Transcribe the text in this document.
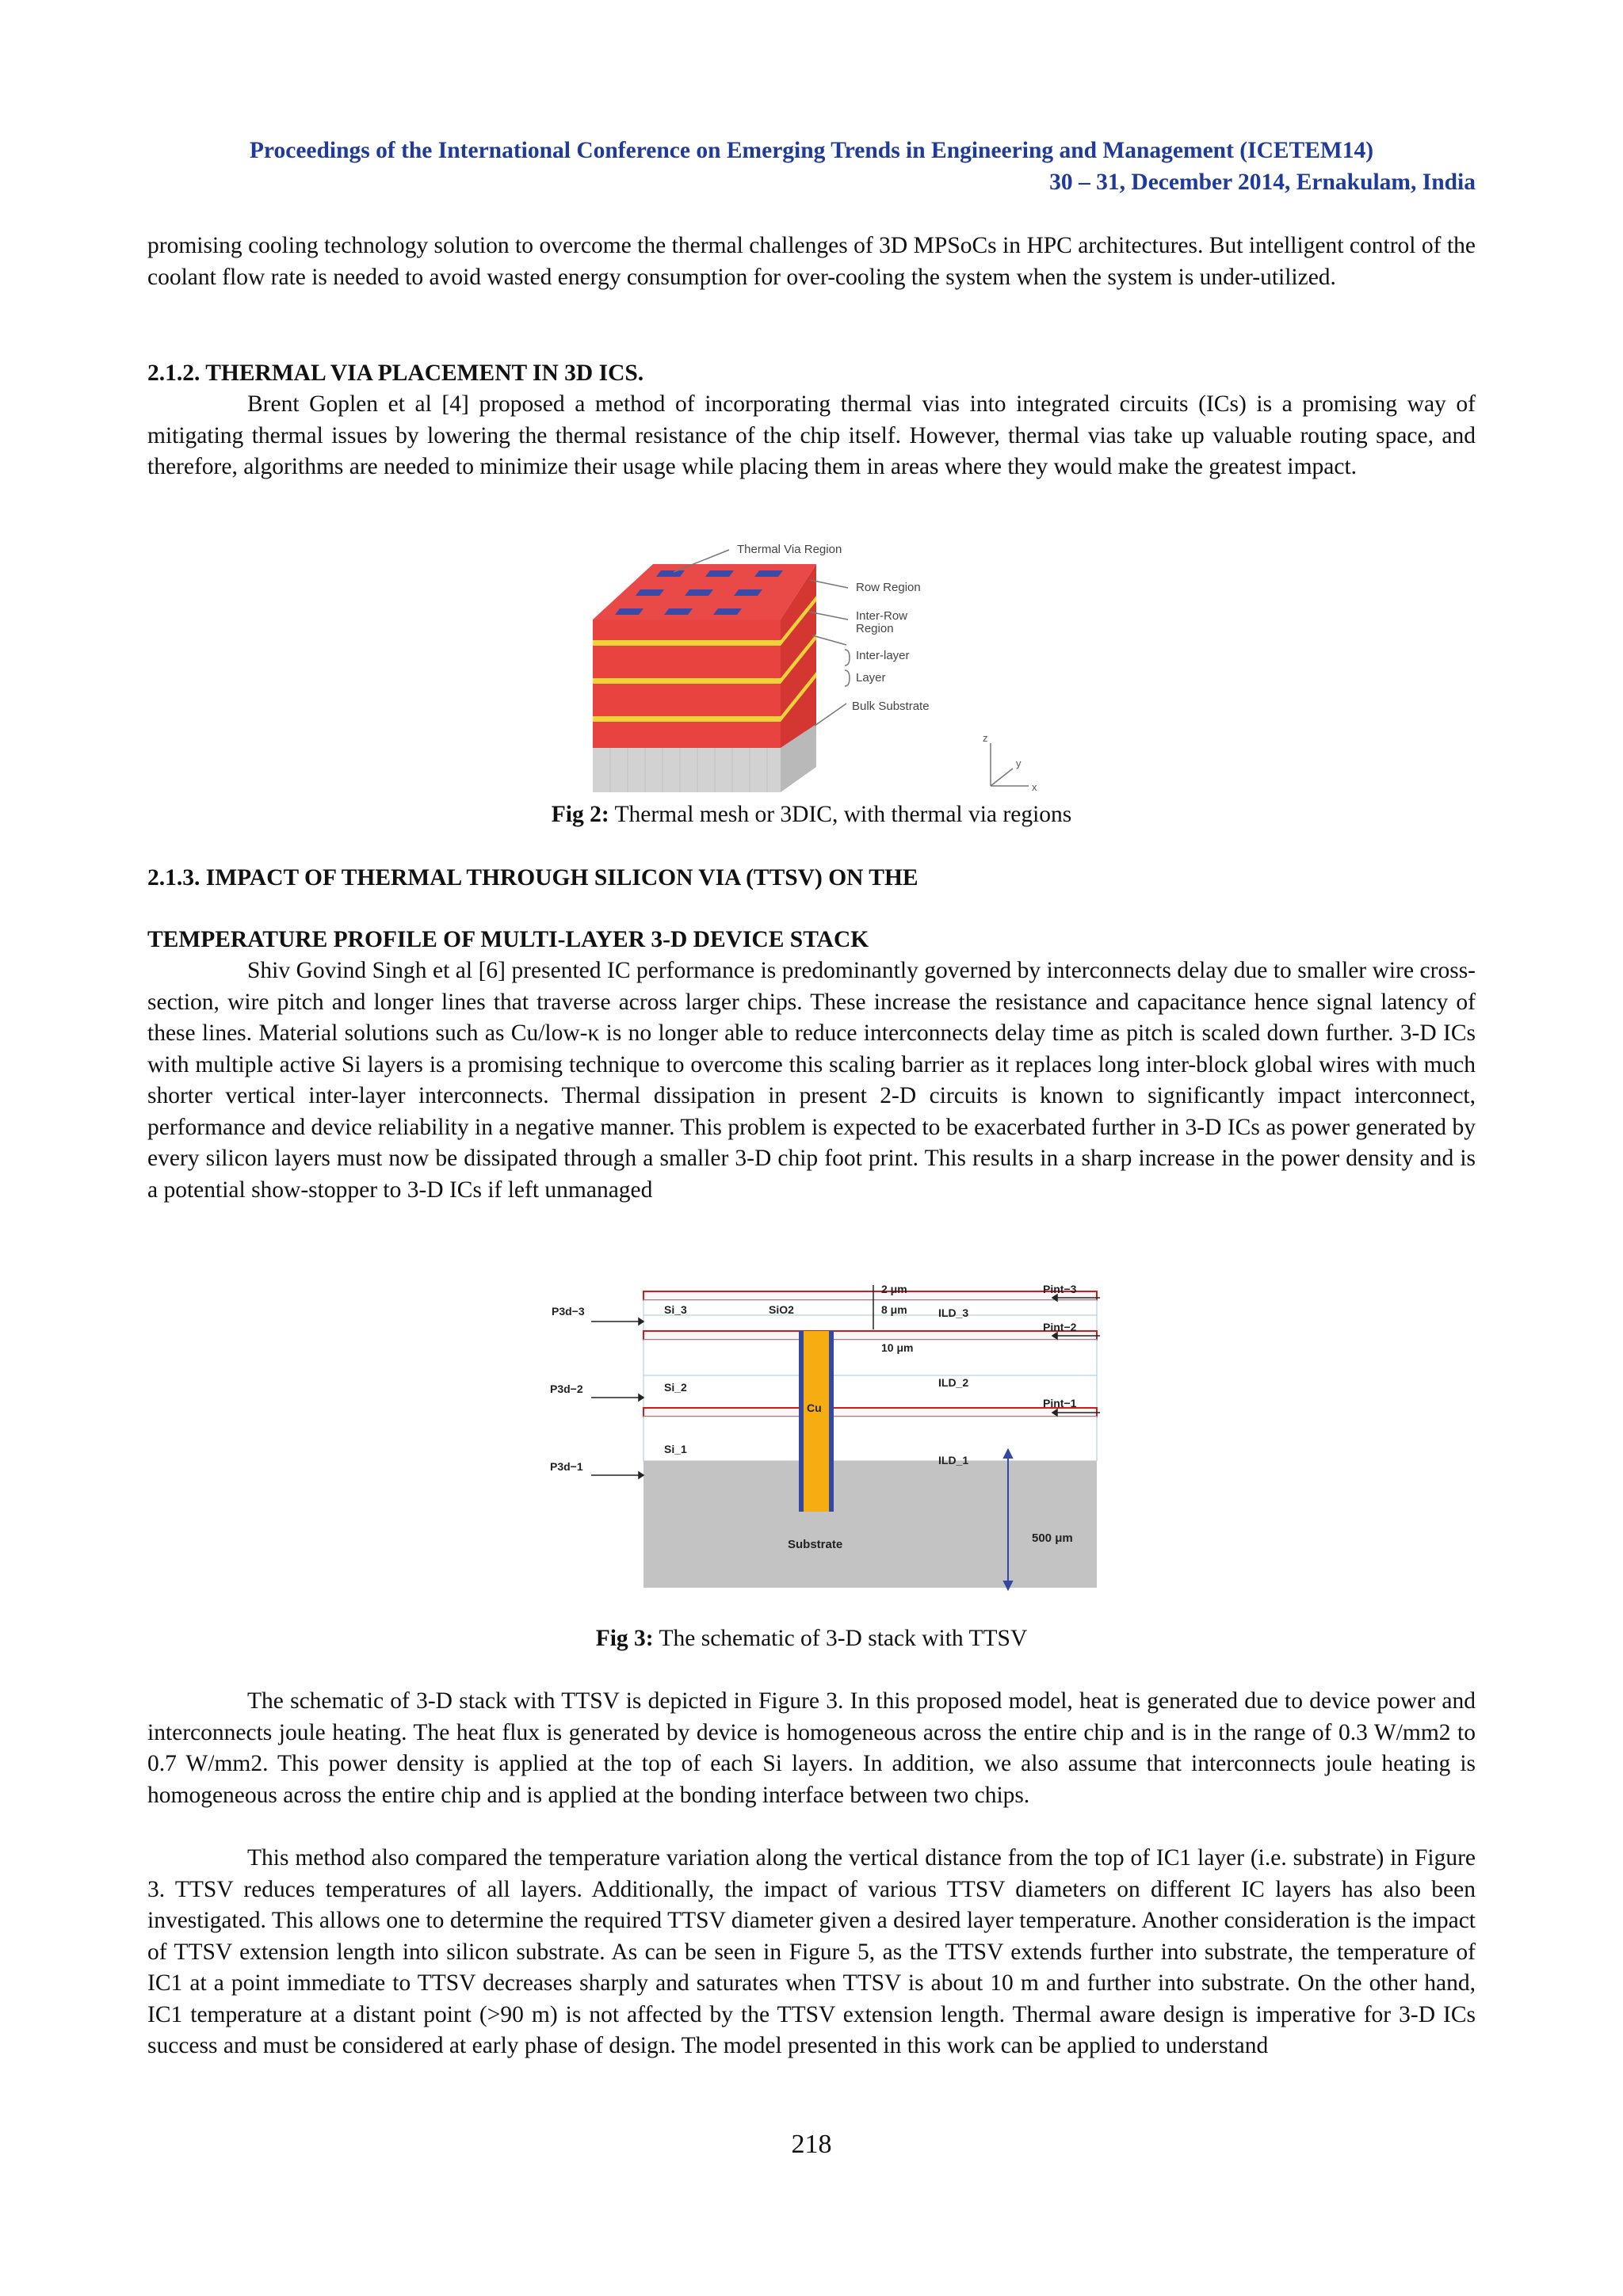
Proceedings of the International Conference on Emerging Trends in Engineering and Management (ICETEM14)
30 – 31, December 2014, Ernakulam, India
promising cooling technology solution to overcome the thermal challenges of 3D MPSoCs in HPC architectures. But intelligent control of the coolant flow rate is needed to avoid wasted energy consumption for over-cooling the system when the system is under-utilized.
2.1.2. THERMAL VIA PLACEMENT IN 3D ICS.
Brent Goplen et al [4] proposed a method of incorporating thermal vias into integrated circuits (ICs) is a promising way of mitigating thermal issues by lowering the thermal resistance of the chip itself. However, thermal vias take up valuable routing space, and therefore, algorithms are needed to minimize their usage while placing them in areas where they would make the greatest impact.
Thermal Via Region
Row Region
Inter-Row
Region
Inter-layer
Layer
Bulk Substrate
z
y
x
Fig 2: Thermal mesh or 3DIC, with thermal via regions
2.1.3. IMPACT OF THERMAL THROUGH SILICON VIA (TTSV) ON THE
TEMPERATURE PROFILE OF MULTI-LAYER 3-D DEVICE STACK
Shiv Govind Singh et al [6] presented IC performance is predominantly governed by interconnects delay due to smaller wire cross-section, wire pitch and longer lines that traverse across larger chips. These increase the resistance and capacitance hence signal latency of these lines. Material solutions such as Cu/low-κ is no longer able to reduce interconnects delay time as pitch is scaled down further. 3-D ICs with multiple active Si layers is a promising technique to overcome this scaling barrier as it replaces long inter-block global wires with much shorter vertical inter-layer interconnects. Thermal dissipation in present 2-D circuits is known to significantly impact interconnect, performance and device reliability in a negative manner. This problem is expected to be exacerbated further in 3-D ICs as power generated by every silicon layers must now be dissipated through a smaller 3-D chip foot print. This results in a sharp increase in the power density and is a potential show-stopper to 3-D ICs if left unmanaged
P3d−3
P3d−2
P3d−1
Pint−3
Pint−2
Pint−1
Si_3
Si_2
Si_1
SiO2
Cu
ILD_3
ILD_2
ILD_1
2 μm
8 μm
10 μm
500 μm
Substrate
Fig 3: The schematic of 3-D stack with TTSV
The schematic of 3-D stack with TTSV is depicted in Figure 3. In this proposed model, heat is generated due to device power and interconnects joule heating. The heat flux is generated by device is homogeneous across the entire chip and is in the range of 0.3 W/mm2 to 0.7 W/mm2. This power density is applied at the top of each Si layers. In addition, we also assume that interconnects joule heating is homogeneous across the entire chip and is applied at the bonding interface between two chips.
This method also compared the temperature variation along the vertical distance from the top of IC1 layer (i.e. substrate) in Figure 3. TTSV reduces temperatures of all layers. Additionally, the impact of various TTSV diameters on different IC layers has also been investigated. This allows one to determine the required TTSV diameter given a desired layer temperature. Another consideration is the impact of TTSV extension length into silicon substrate. As can be seen in Figure 5, as the TTSV extends further into substrate, the temperature of IC1 at a point immediate to TTSV decreases sharply and saturates when TTSV is about 10 m and further into substrate. On the other hand, IC1 temperature at a distant point (>90 m) is not affected by the TTSV extension length. Thermal aware design is imperative for 3-D ICs success and must be considered at early phase of design. The model presented in this work can be applied to understand
218
